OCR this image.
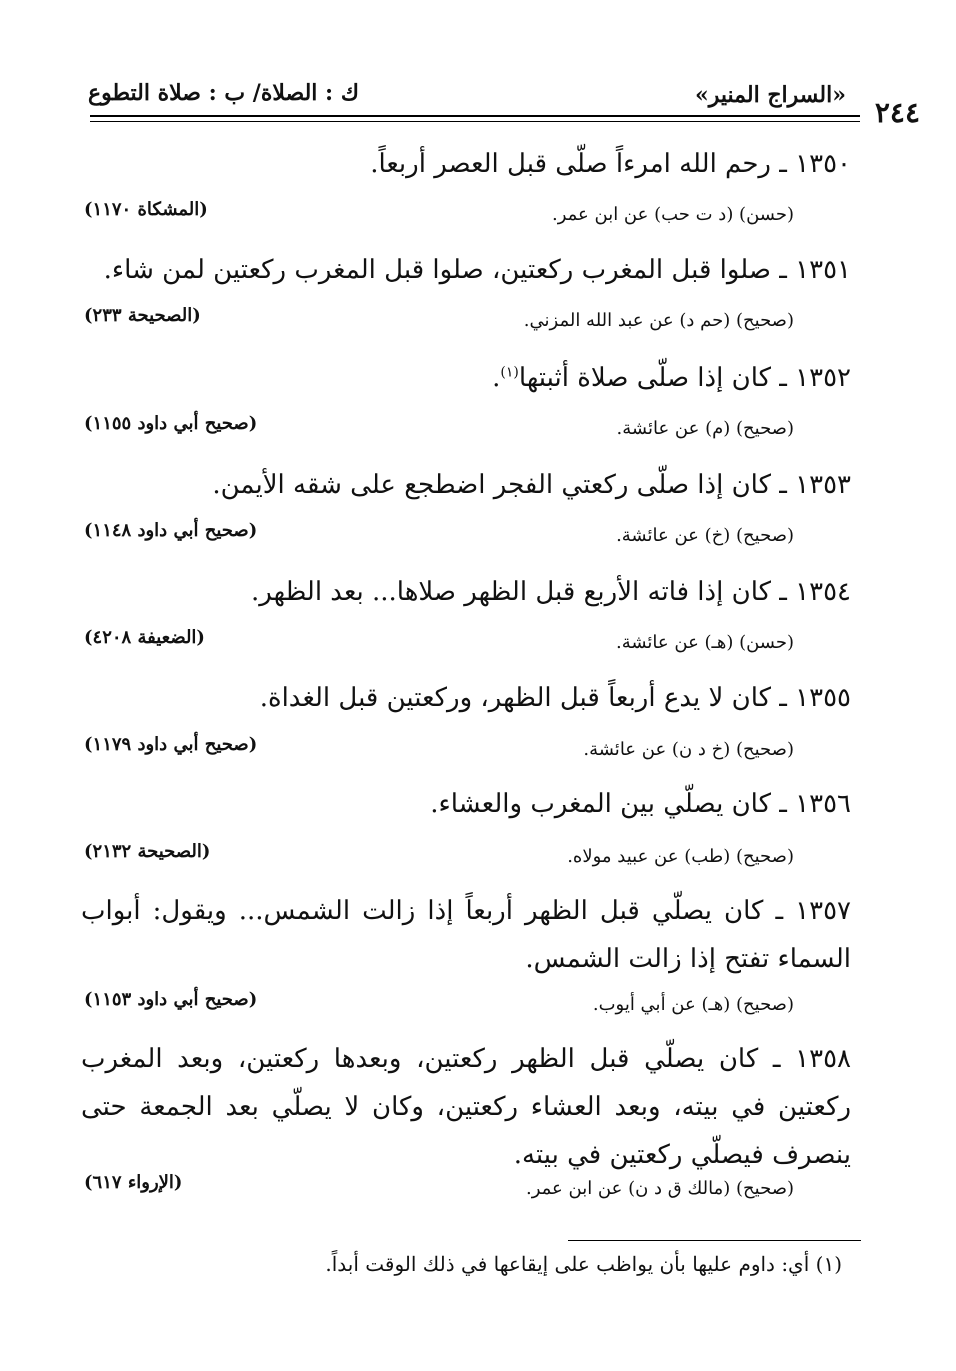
«السراج المنير»
ك : الصلاة/ ب : صلاة التطوع
٢٤٤
١٣٥٠ ـ رحم الله امرءاً صلّى قبل العصر أربعاً.
(حسن) (د ت حب) عن ابن عمر.
(المشكاة ١١٧٠)
١٣٥١ ـ صلوا قبل المغرب ركعتين، صلوا قبل المغرب ركعتين لمن شاء.
(صحيح) (حم د) عن عبد الله المزني.
(الصحيحة ٢٣٣)
١٣٥٢ ـ كان إذا صلّى صلاة أثبتها$^{(١)}$.
(صحيح) (م) عن عائشة.
(صحيح أبي داود ١١٥٥)
١٣٥٣ ـ كان إذا صلّى ركعتي الفجر اضطجع على شقه الأيمن.
(صحيح) (خ) عن عائشة.
(صحيح أبي داود ١١٤٨)
١٣٥٤ ـ كان إذا فاته الأربع قبل الظهر صلاها... بعد الظهر.
(حسن) (هـ) عن عائشة.
(الضعيفة ٤٢٠٨)
١٣٥٥ ـ كان لا يدع أربعاً قبل الظهر، وركعتين قبل الغداة.
(صحيح) (خ د ن) عن عائشة.
(صحيح أبي داود ١١٧٩)
١٣٥٦ ـ كان يصلّي بين المغرب والعشاء.
(صحيح) (طب) عن عبيد مولاه.
(الصحيحة ٢١٣٢)
١٣٥٧ ـ كان يصلّي قبل الظهر أربعاً إذا زالت الشمس... ويقول: أبواب السماء تفتح إذا زالت الشمس.
(صحيح) (هـ) عن أبي أيوب.
(صحيح أبي داود ١١٥٣)
١٣٥٨ ـ كان يصلّي قبل الظهر ركعتين، وبعدها ركعتين، وبعد المغرب ركعتين في بيته، وبعد العشاء ركعتين، وكان لا يصلّي بعد الجمعة حتى ينصرف فيصلّي ركعتين في بيته.
(صحيح) (مالك ق د ن) عن ابن عمر.
(الإرواء ٦١٧)
(١) أي: داوم عليها بأن يواظب على إيقاعها في ذلك الوقت أبداً.
